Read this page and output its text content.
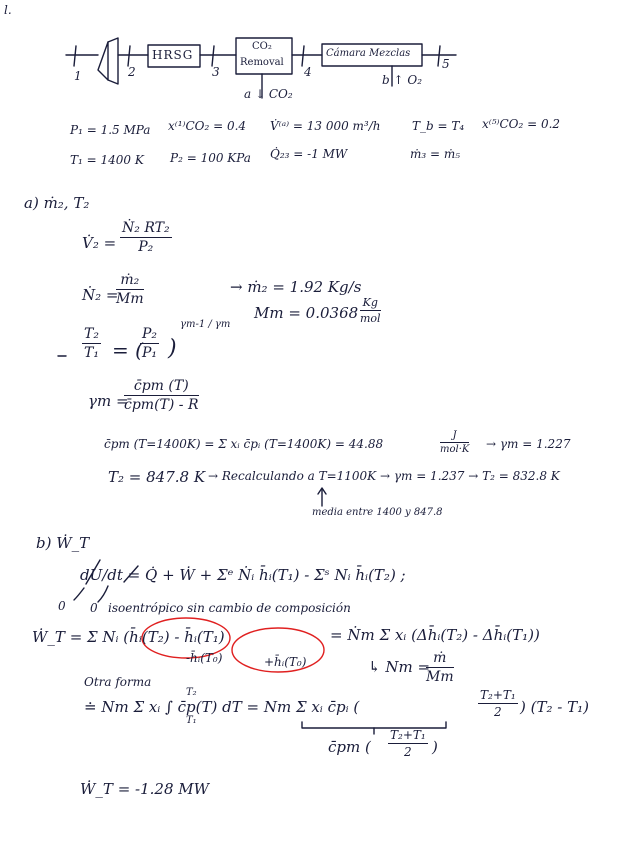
l.
HRSG
CO₂
Removal
Cámara Mezclas
1	2	3	4
5
a ↓ CO₂
b ↑ O₂
P₁ = 1.5 MPa
T₁ = 1400 K
x⁽¹⁾CO₂ = 0.4
P₂ = 100 KPa
V̇⁽ᵃ⁾ = 13 000 m³/h
Q̇₂₃ = -1 MW
T_b = T₄
ṁ₃ = ṁ₅
x⁽⁵⁾CO₂ = 0.2
a) ṁ₂, T₂
V̇₂ = $\frac{\text{Ṅ₂ RT₂}}{\text{P₂}}$
Ṅ₂ =
$\frac{\text{ṁ₂}}{Mm}$	→ ṁ₂ = 1.92 Kg/s
Mm = 0.0368
Kg
mol
$\frac{\text{T₂}}{\text{T₁}}$ = (
$\frac{\text{P₂}}{\text{P₁}}$ )
γm-1 / γm
γm =
$\frac{c̄pm (T)}{c̄pm(T) - R}$
c̄pm (T=1400K) = Σ xᵢ c̄pᵢ (T=1400K) = 44.88
J
mol·K → γm = 1.227
T₂ = 847.8 K → Recalculando a T=1100K → γm = 1.237 → T₂ = 832.8 K
media entre 1400 y 847.8
b) Ẇ_T
dU/dt = Q̇ + Ẇ + Σᵉ Ṅᵢ h̄ᵢ(T₁) - Σˢ Nᵢ h̄ᵢ(T₂) ;
0 0 isoentrópico sin cambio de composición
Ẇ_T = Σ Nᵢ (h̄ᵢ(T₂) - h̄ᵢ(T₁)
-h̄ᵢ(T₀)	+h̄ᵢ(T₀)
= Ṅm Σ xᵢ (Δh̄ᵢ(T₂) - Δh̄ᵢ(T₁))
↳ Nm =
$\frac{\text{ṁ}}{Mm}$
Otra forma
≐ Nm Σ xᵢ ∫ c̄p(T) dT = Nm Σ xᵢ c̄pᵢ (
T₂
T₁
$\frac{\text{T₂+T₁}}{2}$ ) (T₂ - T₁)
c̄pm ( $\frac{\text{T₂+T₁}}{2}$ )
Ẇ_T = -1.28 MW
